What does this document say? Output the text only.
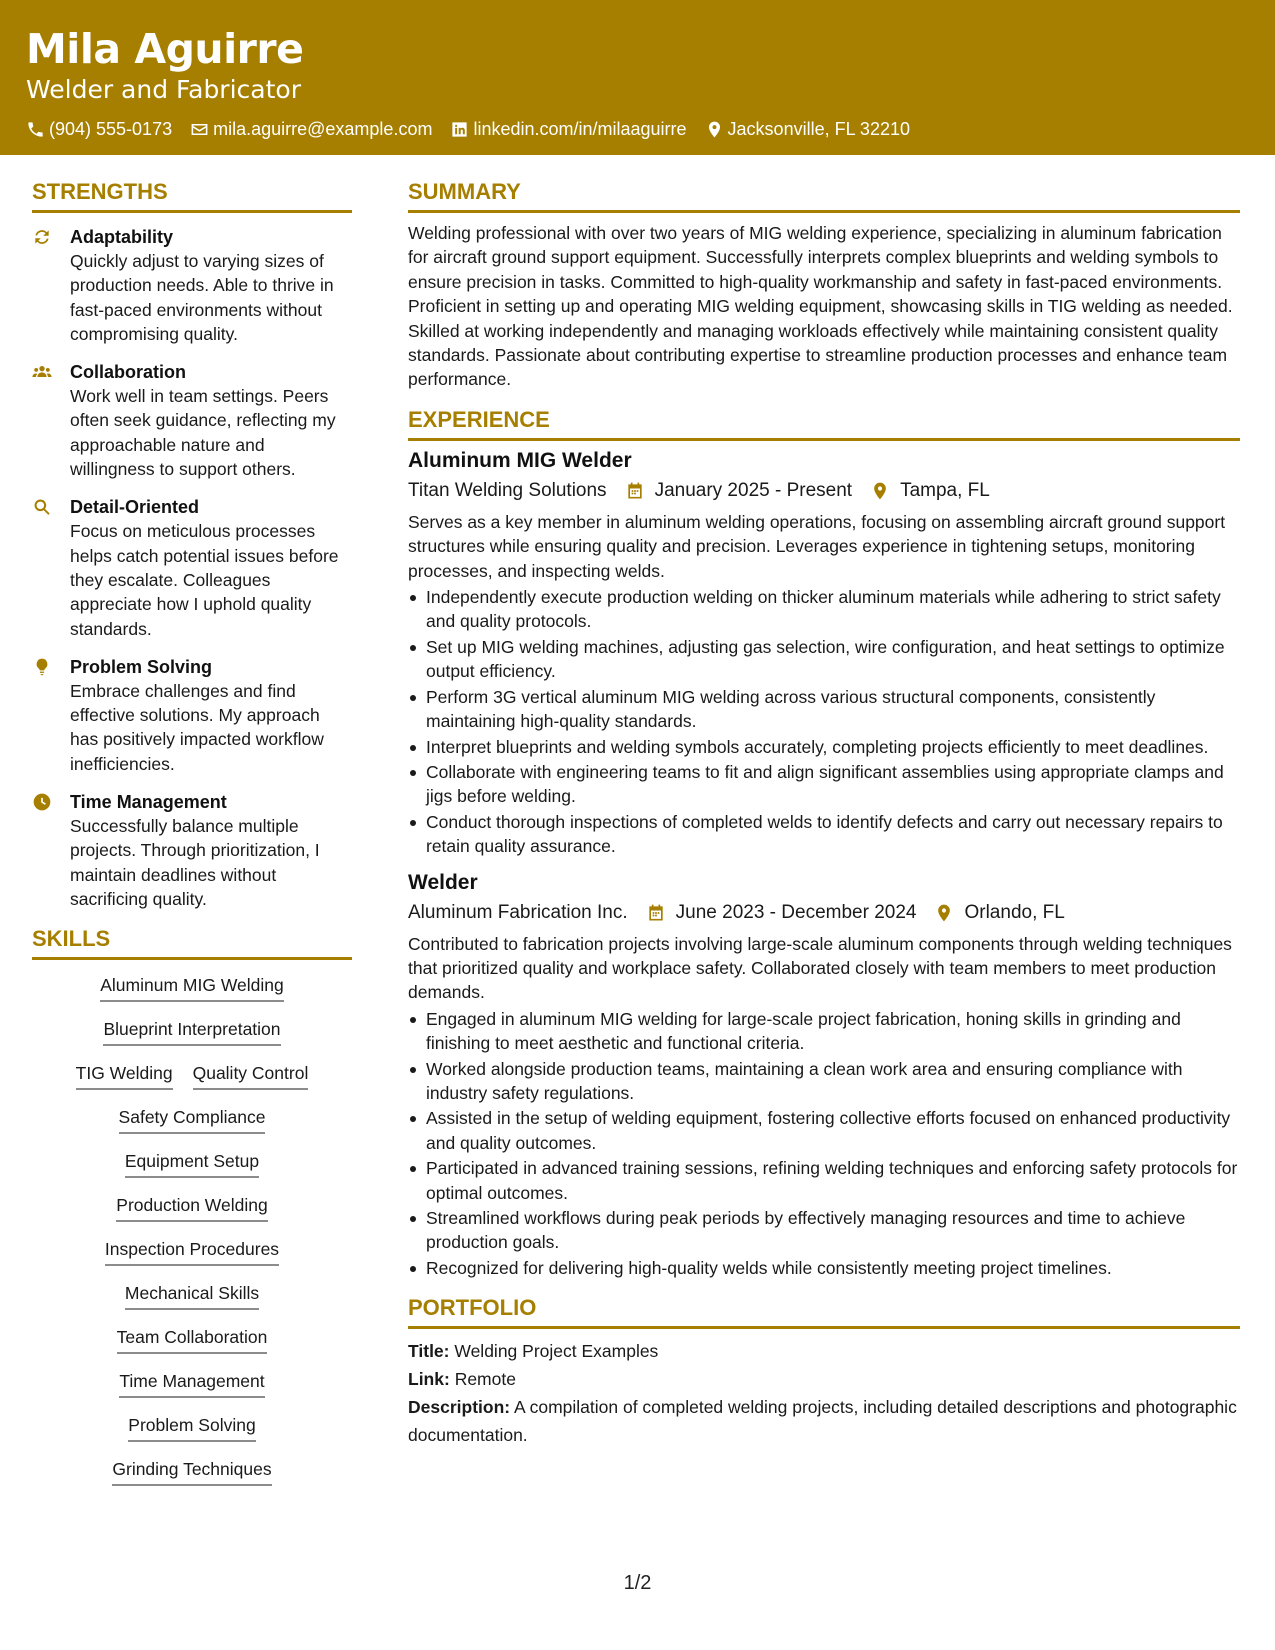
Mila Aguirre
Welder and Fabricator
(904) 555-0173 mila.aguirre@example.com linkedin.com/in/milaaguirre Jacksonville, FL 32210
STRENGTHS
Adaptability
Quickly adjust to varying sizes of production needs. Able to thrive in fast-paced environments without compromising quality.
Collaboration
Work well in team settings. Peers often seek guidance, reflecting my approachable nature and willingness to support others.
Detail-Oriented
Focus on meticulous processes helps catch potential issues before they escalate. Colleagues appreciate how I uphold quality standards.
Problem Solving
Embrace challenges and find effective solutions. My approach has positively impacted workflow inefficiencies.
Time Management
Successfully balance multiple projects. Through prioritization, I maintain deadlines without sacrificing quality.
SKILLS
Aluminum MIG Welding
Blueprint Interpretation
TIG Welding Quality Control
Safety Compliance
Equipment Setup
Production Welding
Inspection Procedures
Mechanical Skills
Team Collaboration
Time Management
Problem Solving
Grinding Techniques
SUMMARY
Welding professional with over two years of MIG welding experience, specializing in aluminum fabrication for aircraft ground support equipment. Successfully interprets complex blueprints and welding symbols to ensure precision in tasks. Committed to high-quality workmanship and safety in fast-paced environments. Proficient in setting up and operating MIG welding equipment, showcasing skills in TIG welding as needed. Skilled at working independently and managing workloads effectively while maintaining consistent quality standards. Passionate about contributing expertise to streamline production processes and enhance team performance.
EXPERIENCE
Aluminum MIG Welder
Titan Welding Solutions	January 2025 - Present	Tampa, FL
Serves as a key member in aluminum welding operations, focusing on assembling aircraft ground support structures while ensuring quality and precision. Leverages experience in tightening setups, monitoring processes, and inspecting welds.
Independently execute production welding on thicker aluminum materials while adhering to strict safety and quality protocols.
Set up MIG welding machines, adjusting gas selection, wire configuration, and heat settings to optimize output efficiency.
Perform 3G vertical aluminum MIG welding across various structural components, consistently maintaining high-quality standards.
Interpret blueprints and welding symbols accurately, completing projects efficiently to meet deadlines.
Collaborate with engineering teams to fit and align significant assemblies using appropriate clamps and jigs before welding.
Conduct thorough inspections of completed welds to identify defects and carry out necessary repairs to retain quality assurance.
Welder
Aluminum Fabrication Inc.	June 2023 - December 2024	Orlando, FL
Contributed to fabrication projects involving large-scale aluminum components through welding techniques that prioritized quality and workplace safety. Collaborated closely with team members to meet production demands.
Engaged in aluminum MIG welding for large-scale project fabrication, honing skills in grinding and finishing to meet aesthetic and functional criteria.
Worked alongside production teams, maintaining a clean work area and ensuring compliance with industry safety regulations.
Assisted in the setup of welding equipment, fostering collective efforts focused on enhanced productivity and quality outcomes.
Participated in advanced training sessions, refining welding techniques and enforcing safety protocols for optimal outcomes.
Streamlined workflows during peak periods by effectively managing resources and time to achieve production goals.
Recognized for delivering high-quality welds while consistently meeting project timelines.
PORTFOLIO
Title: Welding Project Examples
Link: Remote
Description: A compilation of completed welding projects, including detailed descriptions and photographic documentation.
1/2
